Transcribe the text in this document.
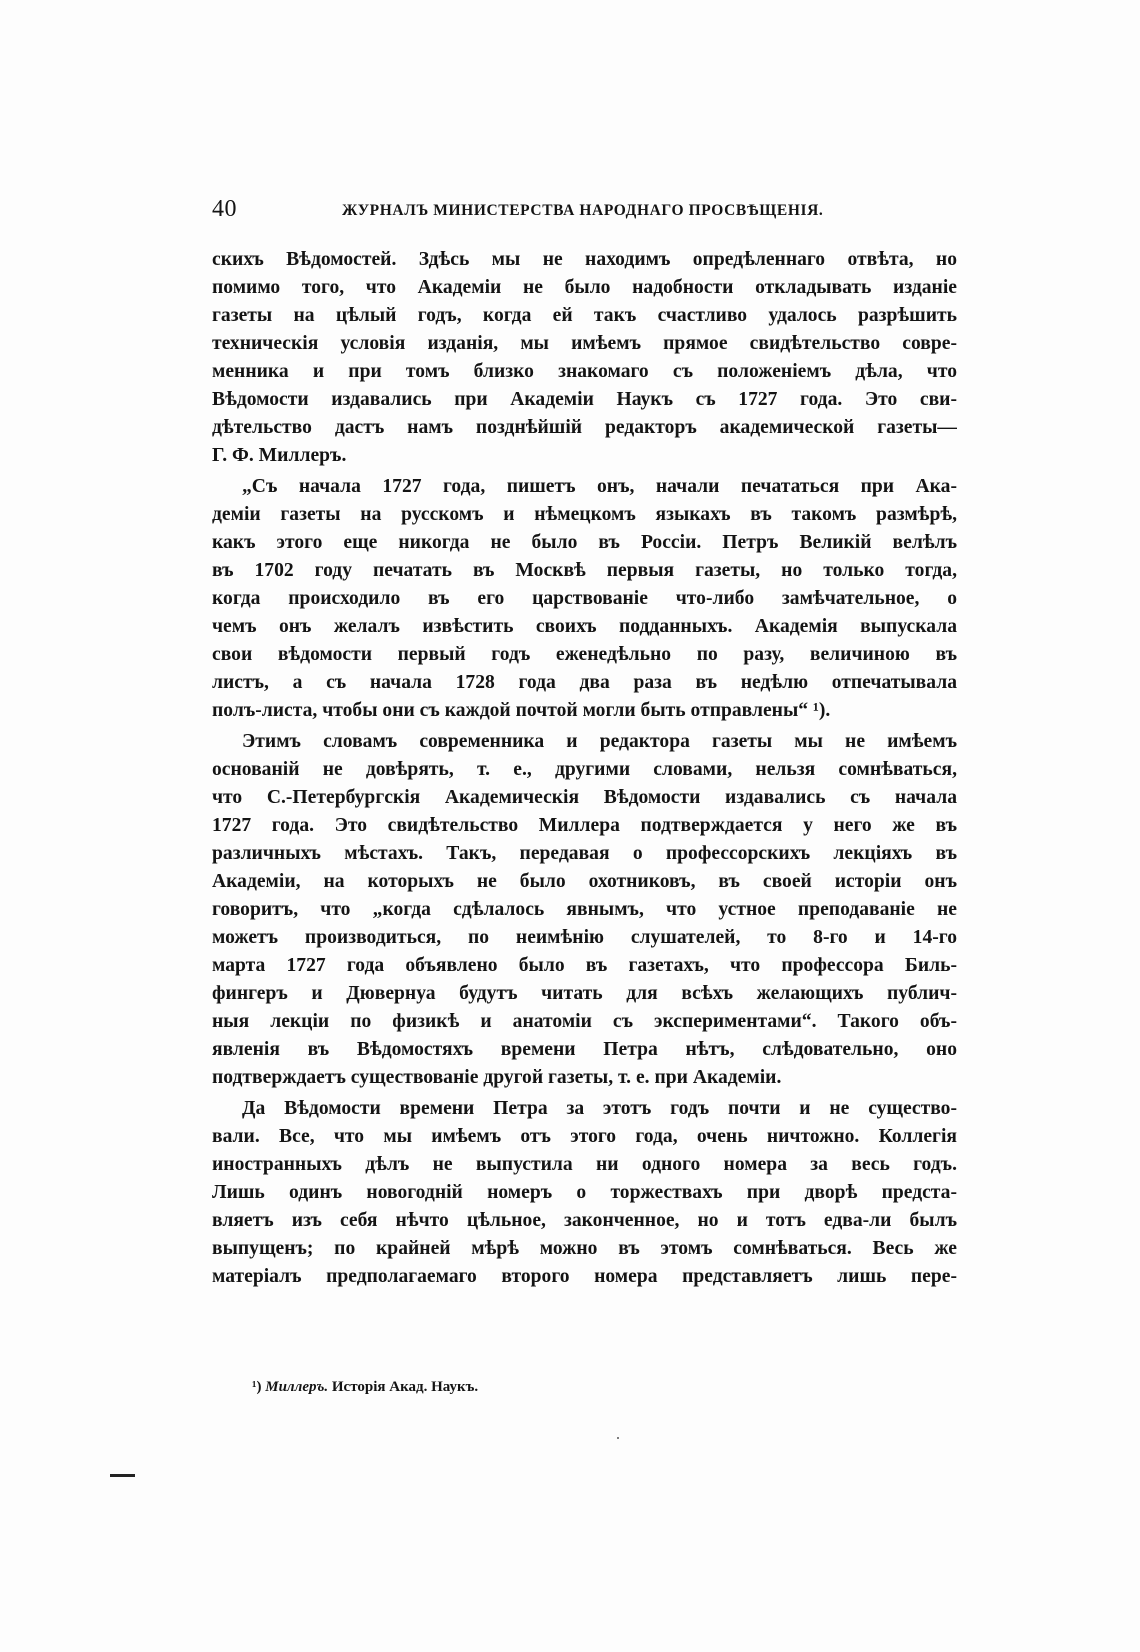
40	ЖУРНАЛЪ МИНИСТЕРСТВА НАРОДНАГО ПРОСВѢЩЕНІЯ.
скихъ Вѣдомостей. Здѣсь мы не находимъ опредѣленнаго отвѣта, но
помимо того, что Академіи не было надобности откладывать изданіе
газеты на цѣлый годъ, когда ей такъ счастливо удалось разрѣшить
техническія условія изданія, мы имѣемъ прямое свидѣтельство совре-
менника и при томъ близко знакомаго съ положеніемъ дѣла, что
Вѣдомости издавались при Академіи Наукъ съ 1727 года. Это сви-
дѣтельство дастъ намъ позднѣйшій редакторъ академической газеты—
Г. Ф. Миллеръ.
„Съ начала 1727 года, пишетъ онъ, начали печататься при Ака-
деміи газеты на русскомъ и нѣмецкомъ языкахъ въ такомъ размѣрѣ,
какъ этого еще никогда не было въ Россіи. Петръ Великій велѣлъ
въ 1702 году печатать въ Москвѣ первыя газеты, но только тогда,
когда происходило въ его царствованіе что-либо замѣчательное, о
чемъ онъ желалъ извѣстить своихъ подданныхъ. Академія выпускала
свои вѣдомости первый годъ еженедѣльно по разу, величиною въ
листъ, а съ начала 1728 года два раза въ недѣлю отпечатывала
полъ-листа, чтобы они съ каждой почтой могли быть отправлены“ ¹).
Этимъ словамъ современника и редактора газеты мы не имѣемъ
основаній не довѣрять, т. е., другими словами, нельзя сомнѣваться,
что С.-Петербургскія Академическія Вѣдомости издавались съ начала
1727 года. Это свидѣтельство Миллера подтверждается у него же въ
различныхъ мѣстахъ. Такъ, передавая о профессорскихъ лекціяхъ въ
Академіи, на которыхъ не было охотниковъ, въ своей исторіи онъ
говоритъ, что „когда сдѣлалось явнымъ, что устное преподаваніе не
можетъ производиться, по неимѣнію слушателей, то 8-го и 14-го
марта 1727 года объявлено было въ газетахъ, что профессора Биль-
фингеръ и Дювернуа будутъ читать для всѣхъ желающихъ публич-
ныя лекціи по физикѣ и анатоміи съ экспериментами“. Такого объ-
явленія въ Вѣдомостяхъ времени Петра нѣтъ, слѣдовательно, оно
подтверждаетъ существованіе другой газеты, т. е. при Академіи.
Да Вѣдомости времени Петра за этотъ годъ почти и не существо-
вали. Все, что мы имѣемъ отъ этого года, очень ничтожно. Коллегія
иностранныхъ дѣлъ не выпустила ни одного номера за весь годъ.
Лишь одинъ новогодній номеръ о торжествахъ при дворѣ предста-
вляетъ изъ себя нѣчто цѣльное, законченное, но и тотъ едва-ли былъ
выпущенъ; по крайней мѣрѣ можно въ этомъ сомнѣваться. Весь же
матеріалъ предполагаемаго второго номера представляетъ лишь пере-
¹) Миллеръ. Исторія Акад. Наукъ.
